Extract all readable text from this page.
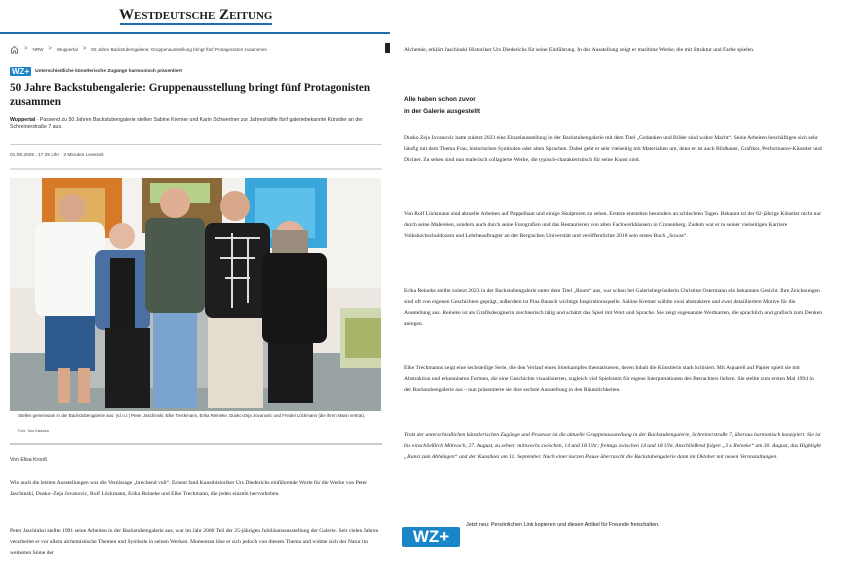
Westdeutsche Zeitung
> NRW > Wuppertal > 50 Jahre Backstubengalerie: Gruppenausstellung bringt fünf Protagonisten zusammen
WZ+	Unterschiedliche künstlerische Zugänge harmonisch präsentiert
50 Jahre Backstubengalerie: Gruppenausstellung bringt fünf Protagonisten zusammen

Wuppertal · Passend zu 50 Jahren Backstubengalerie stellen Sabine Kremer und Karin Schwertner zur Jahreshälfte fünf galeriebekannte Künstler an der Schreinerstraße 7 aus.

01.08.2025 , 17:35 Uhr · 2 Minuten Lesezeit

Stellen gemeinsam in der Backstubengalerie aus: (v.l.n.r.) Peter Jaschinski, Elke Treckmann, Erika Reineke, Dusko-Zeja Jovanovic und Friedel Löckmann (die ihren Mann vertrat).

Foto: Tara Kalasika

Von Elisa Krooß

Wie auch die letzten Ausstellungen war die Vernissage „brechend voll“. Erneut fand Kunsthistoriker Urs Diederichs einführende Worte für die Werke von Peter Jaschinski, Dusko–Zeja Jovanovic, Rolf Löckmann, Erika Reineke und Elke Treckmann, die jeden einzeln hervorhoben.

Peter Jaschinksi stellte 1991 seine Arbeiten in der Backstubengalerie aus, war im Jahr 2000 Teil der 25-jährigen Jubiläumsausstellung der Galerie. Seit vielen Jahren verarbeitet er vor allem alchemistische Themen und Symbole in seinen Werken. Momentan löse er sich jedoch von diesem Thema und widme sich der Natur im weitesten Sinne der

Alchemie, erklärt Jaschinski Historiker Urs Diederichs für seine Einführung. In der Ausstellung zeigt er maritime Werke, die mit Struktur und Farbe spielen.

Alle haben schon zuvor
in der Galerie ausgestellt

Dusko Zeja Jovanovic hatte zuletzt 2023 eine Einzelausstellung in der Backstubengalerie mit dem Titel „Gedanken und Bilder sind wahre Macht“. Seine Arbeiten beschäftigen sich sehr häufig mit dem Thema Frau, historischen Symbolen oder alten Sprachen. Dabei geht er sehr vielseitig mit Materialien um, denn er ist auch Bildhauer, Grafiker, Performance-Künstler und Dichter. Zu sehen sind nun malerisch collagierte Werke, die typisch-charakteristisch für seine Kunst sind.

Von Rolf Löckmann sind aktuelle Arbeiten auf Pappelhaut und einige Skulpturen zu sehen. Erstere entstehen besonders an schlechten Tagen. Bekannt ist der 82-jährige Künstler nicht nur durch seine Malereien, sondern auch durch seine Fotografien und das Restaurieren von alten Fachwerkhäusern in Cronenberg. Zudem war er in seiner vielseitigen Karriere Volkshochschuldozent und Lehrbeauftragter an der Bergischen Universität und veröffentlichte 2018 sein erstes Buch „Sowas“.

Erika Reineke stellte zuletzt 2023 in der Backstubengalerie unter dem Titel „Roots“ aus, war schon bei Galeriebegründerin Christine Ostermann ein bekanntes Gesicht. Ihre Zeichnungen sind oft von eigenen Geschichten geprägt, außerdem ist Pina Bausch wichtige Inspirationsquelle. Sabine Kremer wählte zwei abstraktere und zwei detailliertere Motive für die Ausstellung aus. Reineke ist als Grafikdesignerin zeichnerisch tätig und schätzt das Spiel mit Wort und Sprache. Sie zeigt sogenannte Wortkarten, die sprachlich und grafisch zum Denken anregen.

Elke Treckmanns zeigt eine sechsteilige Serie, die den Verlauf eines Stierkampfes thematisieren, deren Inhalt die Künstlerin stark kritisiert. Mit Aquarell auf Papier spielt sie mit Abstraktion und erkennbaren Formen, die eine Geschichte visualisierten, zugleich viel Spielraum für eigene Interpretationen des Betrachters liefern. Sie stellte zum ersten Mal 1994 in der Backstubengalerie aus – nun präsentierte sie ihre sechste Ausstellung in den Räumlichkeiten.

Trotz der unterschiedlichen künstlerischen Zugänge und Prozesse ist die aktuelle Gruppenausstellung in der Backstubengalerie, Schreinerstraße 7, überaus harmonisch konzipiert. Sie ist bis einschließlich Mittwoch, 27. August, zu sehen: mittwochs zwischen, 14 und 18 Uhr; freitags zwischen 14 und 18 Uhr. Anschließend folgen „3 x Reineke“ am 30. August, das Highlight „Kunst zum Abhängen“ und der Kunstkiez am 11. September. Nach einer kurzen Pause überrascht die Backstubengalerie dann im Oktober mit neuen Veranstaltungen.

WZ+

Jetzt neu: Persönlichen Link kopieren und diesen Artikel für Freunde freischalten.
